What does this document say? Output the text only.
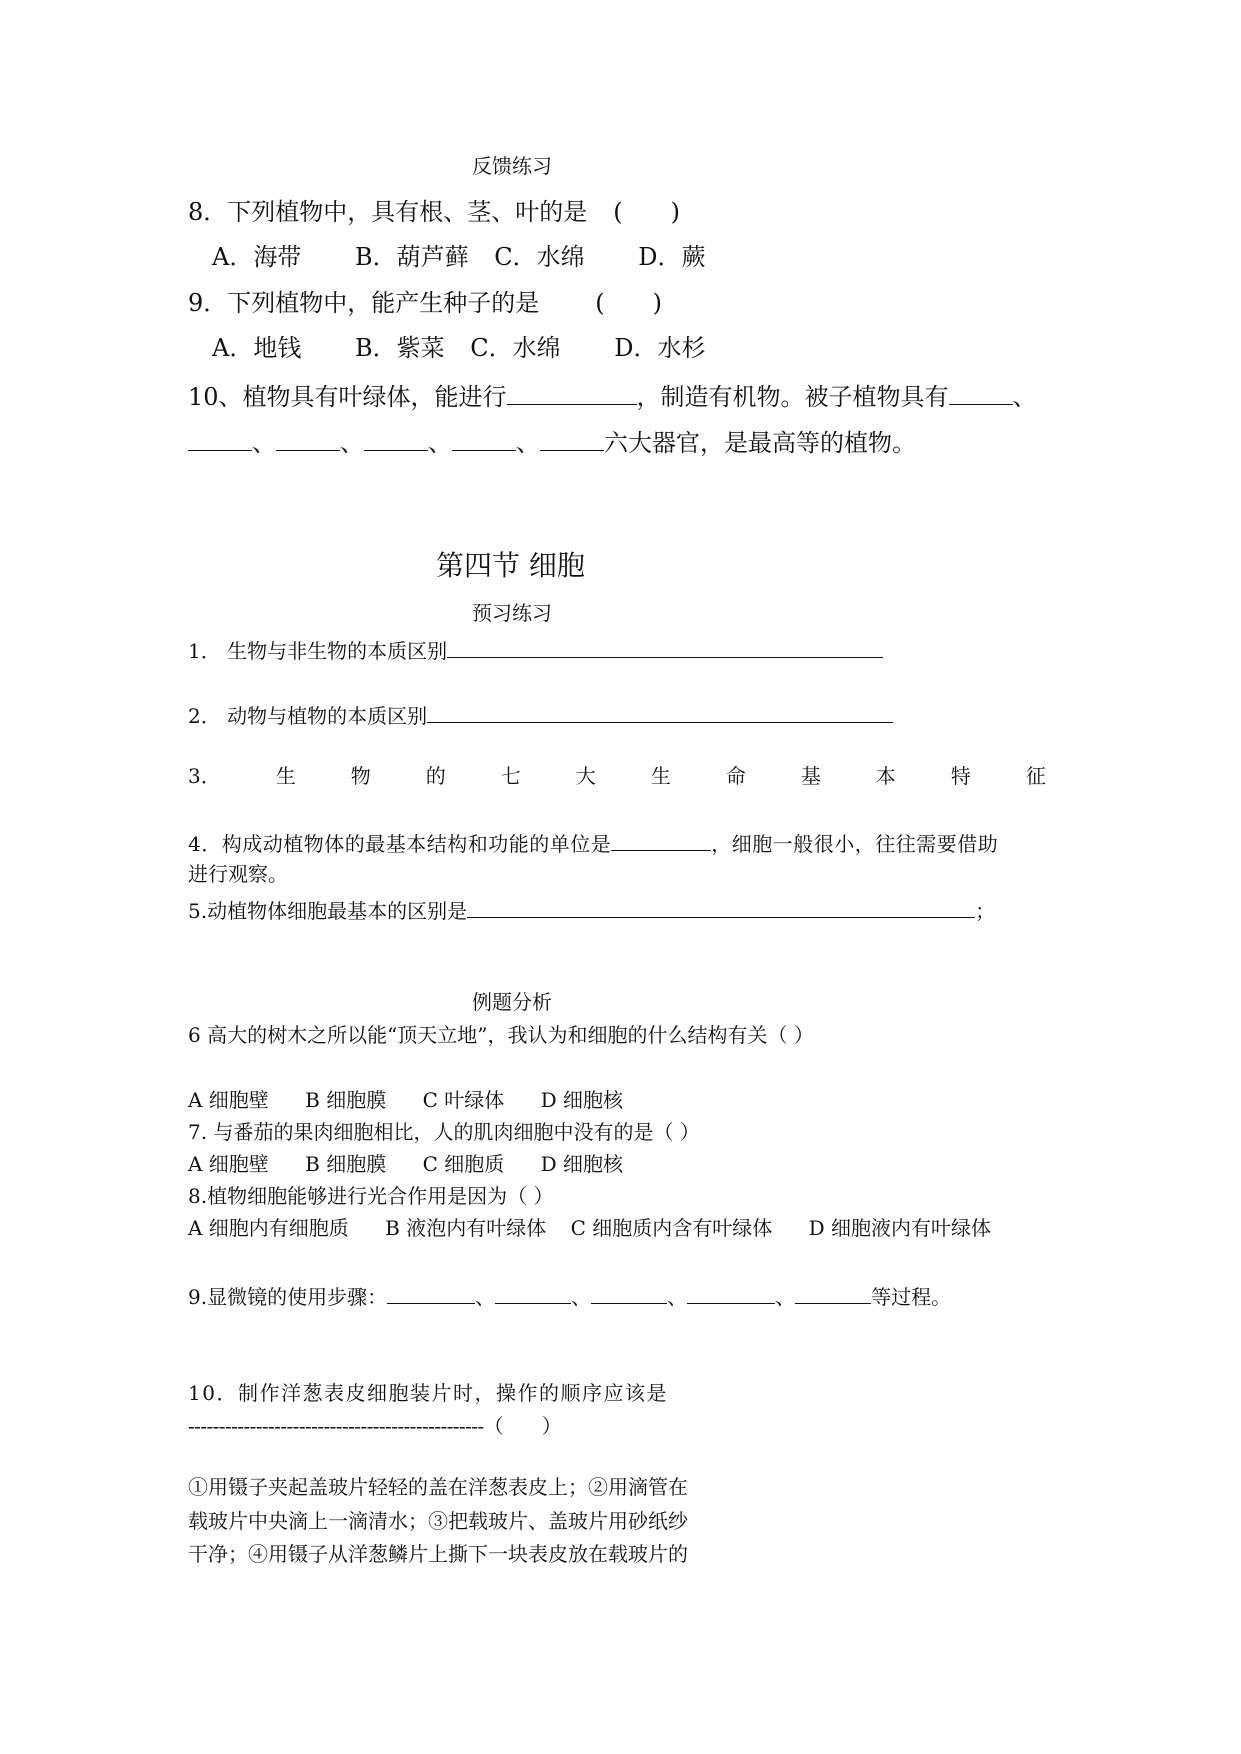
反馈练习
8．下列植物中，具有根、茎、叶的是 (　　)
A．海带 B．葫芦藓 C．水绵 D．蕨
9．下列植物中，能产生种子的是 (　　)
A．地钱 B．紫菜 C．水绵 D．水杉
10、植物具有叶绿体，能进行	，制造有机物。被子植物具有	、
、	、	、	、	六大器官，是最高等的植物。
第四节 细胞
预习练习
1． 生物与非生物的本质区别
2． 动物与植物的本质区别
3．	生	物	的	七	大	生	命	基	本	特	征
4．构成动植物体的最基本结构和功能的单位是	，细胞一般很小，往往需要借助
进行观察。
5.动植物体细胞最基本的区别是	；
例题分析
6 高大的树木之所以能“顶天立地”，我认为和细胞的什么结构有关（ ）
A 细胞壁 B 细胞膜 C 叶绿体 D 细胞核
7. 与番茄的果肉细胞相比，人的肌肉细胞中没有的是（ ）
A 细胞壁 B 细胞膜 C 细胞质 D 细胞核
8.植物细胞能够进行光合作用是因为（ ）
A 细胞内有细胞质 B 液泡内有叶绿体 C 细胞质内含有叶绿体 D 细胞液内有叶绿体
9.显微镜的使用步骤：	、	、	、	、	等过程。
10．制作洋葱表皮细胞装片时，操作的顺序应该是
------------------------------------------------（　　）
①用镊子夹起盖玻片轻轻的盖在洋葱表皮上；②用滴管在
载玻片中央滴上一滴清水；③把载玻片、盖玻片用砂纸纱
干净；④用镊子从洋葱鳞片上撕下一块表皮放在载玻片的
